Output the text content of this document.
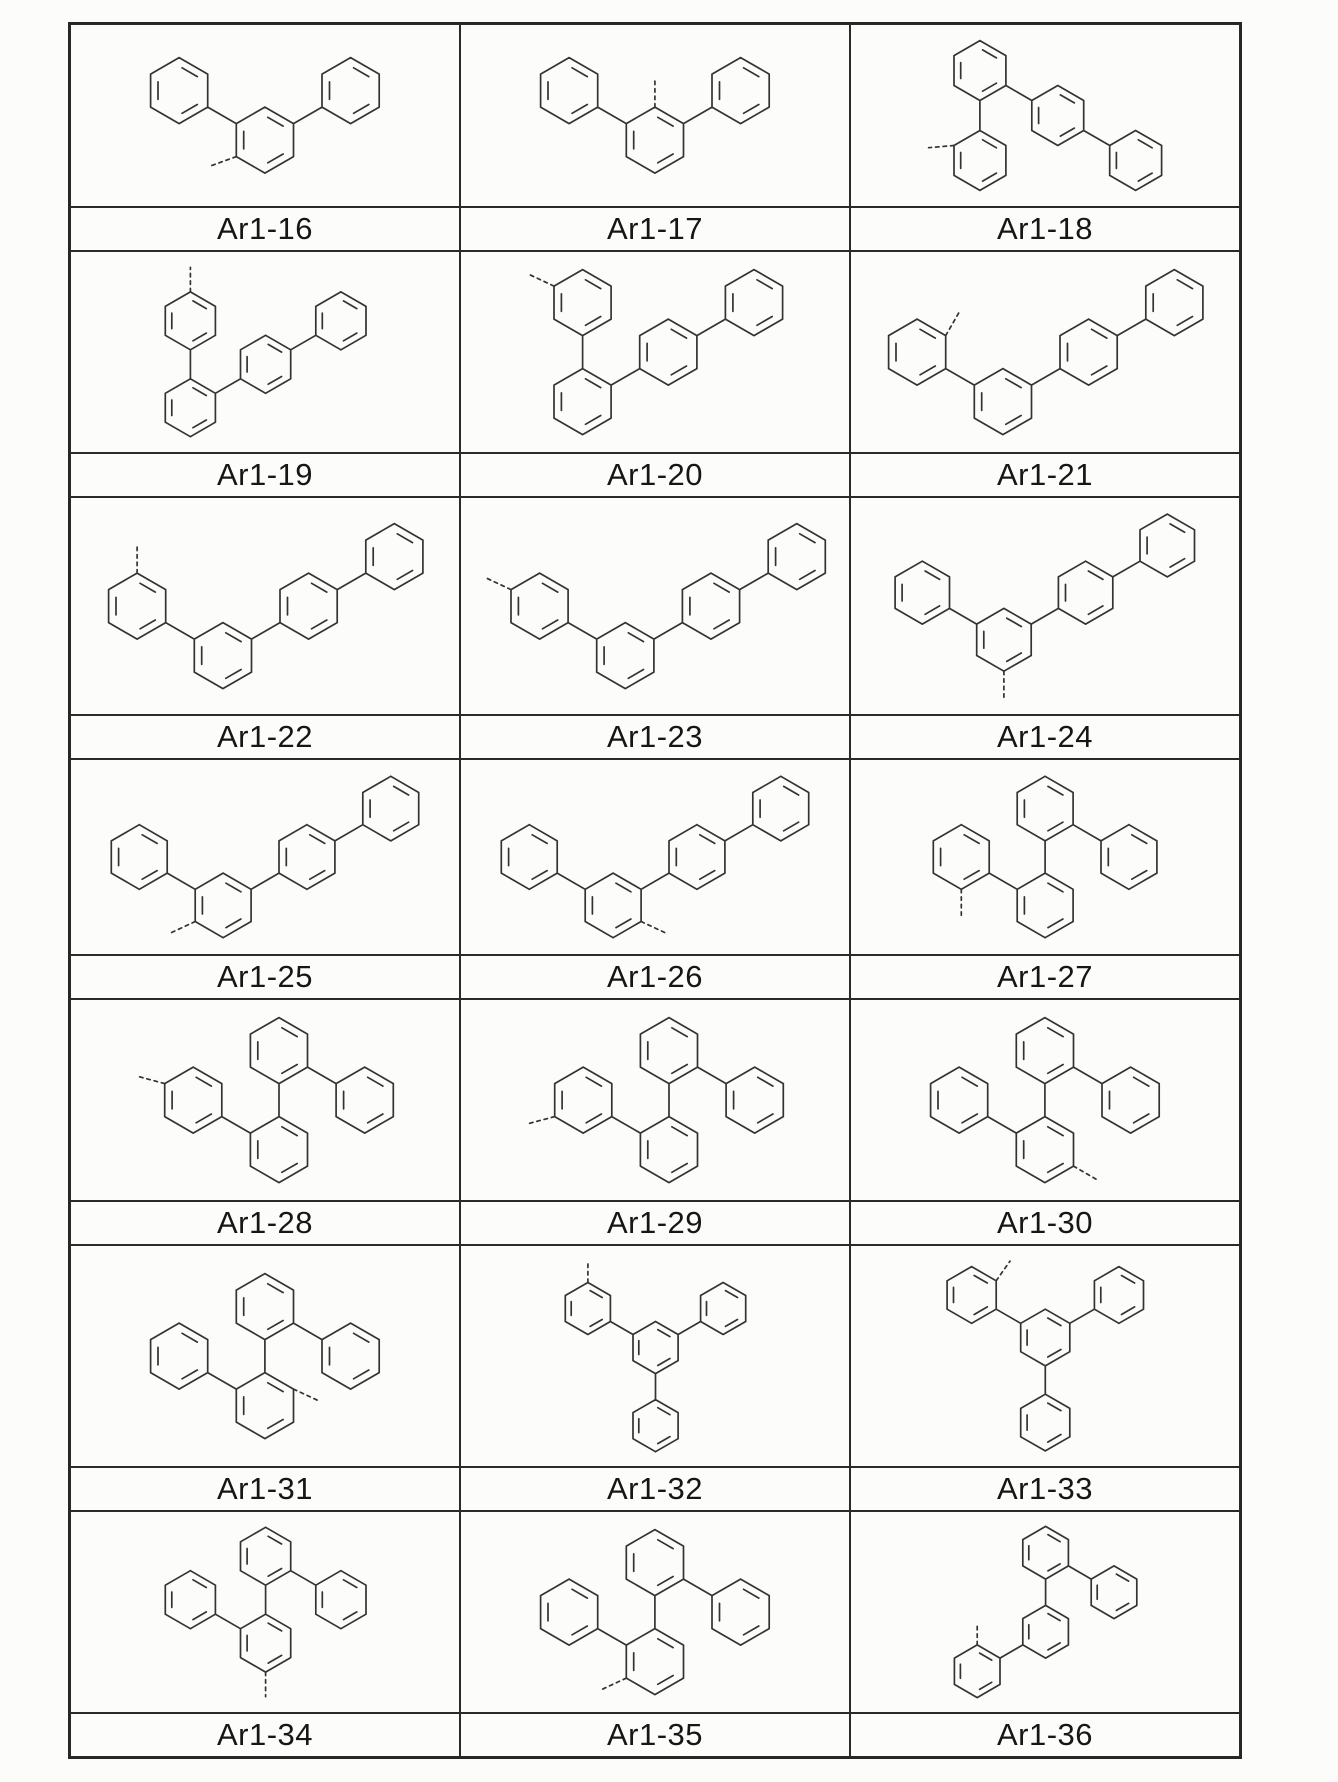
Ar1-16	Ar1-17	Ar1-18
Ar1-19	Ar1-20	Ar1-21
Ar1-22	Ar1-23	Ar1-24
Ar1-25	Ar1-26	Ar1-27
Ar1-28	Ar1-29	Ar1-30
Ar1-31	Ar1-32	Ar1-33
Ar1-34	Ar1-35	Ar1-36
